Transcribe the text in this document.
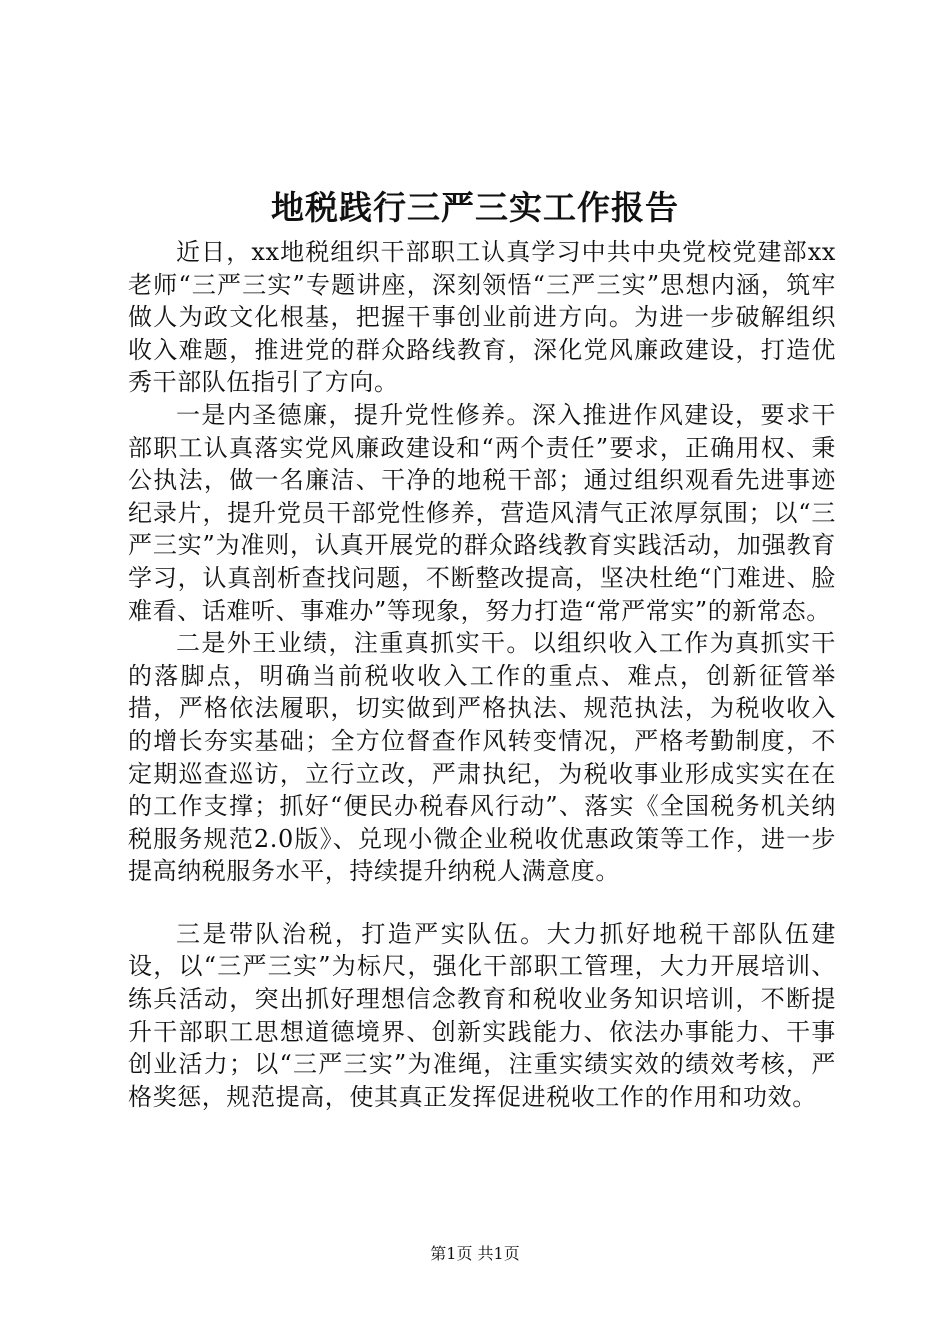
地税践行三严三实工作报告

近日，xx地税组织干部职工认真学习中共中央党校党建部xx老师“三严三实”专题讲座，深刻领悟“三严三实”思想内涵，筑牢做人为政文化根基，把握干事创业前进方向。为进一步破解组织收入难题，推进党的群众路线教育，深化党风廉政建设，打造优秀干部队伍指引了方向。

一是内圣德廉，提升党性修养。深入推进作风建设，要求干部职工认真落实党风廉政建设和“两个责任”要求，正确用权、秉公执法，做一名廉洁、干净的地税干部；通过组织观看先进事迹纪录片，提升党员干部党性修养，营造风清气正浓厚氛围；以“三严三实”为准则，认真开展党的群众路线教育实践活动，加强教育学习，认真剖析查找问题，不断整改提高，坚决杜绝“门难进、脸难看、话难听、事难办”等现象，努力打造“常严常实”的新常态。

二是外王业绩，注重真抓实干。以组织收入工作为真抓实干的落脚点，明确当前税收收入工作的重点、难点，创新征管举措，严格依法履职，切实做到严格执法、规范执法，为税收收入的增长夯实基础；全方位督查作风转变情况，严格考勤制度，不定期巡查巡访，立行立改，严肃执纪，为税收事业形成实实在在的工作支撑；抓好“便民办税春风行动”、落实《全国税务机关纳税服务规范2.0版》、兑现小微企业税收优惠政策等工作，进一步提高纳税服务水平，持续提升纳税人满意度。

三是带队治税，打造严实队伍。大力抓好地税干部队伍建设，以“三严三实”为标尺，强化干部职工管理，大力开展培训、练兵活动，突出抓好理想信念教育和税收业务知识培训，不断提升干部职工思想道德境界、创新实践能力、依法办事能力、干事创业活力；以“三严三实”为准绳，注重实绩实效的绩效考核，严格奖惩，规范提高，使其真正发挥促进税收工作的作用和功效。

第1页 共1页
